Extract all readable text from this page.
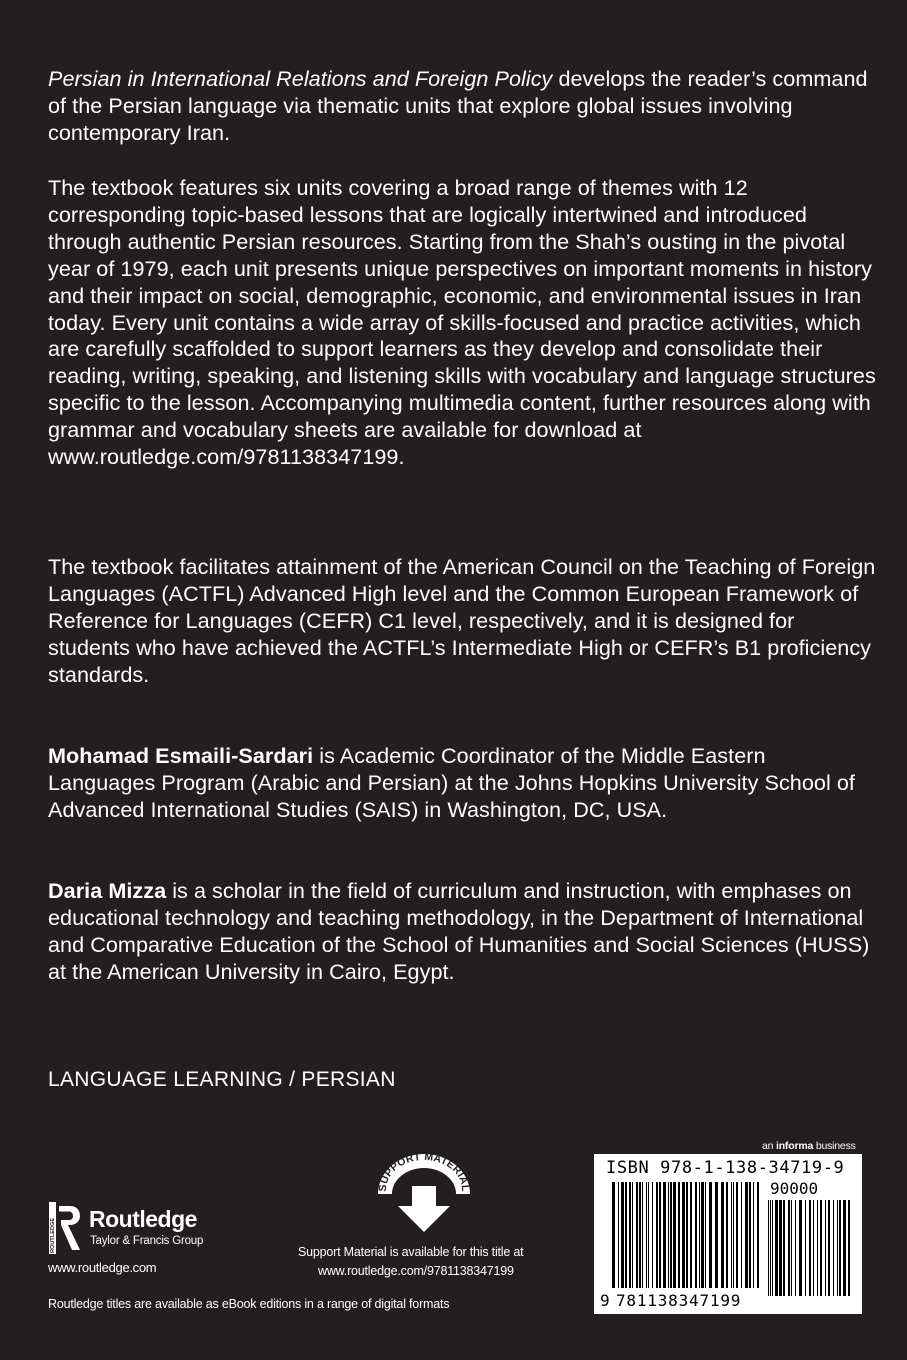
Persian in International Relations and Foreign Policy develops the reader’s command of the Persian language via thematic units that explore global issues involving contemporary Iran.

The textbook features six units covering a broad range of themes with 12 corresponding topic-based lessons that are logically intertwined and introduced through authentic Persian resources. Starting from the Shah’s ousting in the pivotal year of 1979, each unit presents unique perspectives on important moments in history and their impact on social, demographic, economic, and environmental issues in Iran today. Every unit contains a wide array of skills-focused and practice activities, which are carefully scaffolded to support learners as they develop and consolidate their reading, writing, speaking, and listening skills with vocabulary and language structures specific to the lesson. Accompanying multimedia content, further resources along with grammar and vocabulary sheets are available for download at www.routledge.com/9781138347199.

The textbook facilitates attainment of the American Council on the Teaching of Foreign Languages (ACTFL) Advanced High level and the Common European Framework of Reference for Languages (CEFR) C1 level, respectively, and it is designed for students who have achieved the ACTFL’s Intermediate High or CEFR’s B1 proficiency standards.

Mohamad Esmaili-Sardari is Academic Coordinator of the Middle Eastern Languages Program (Arabic and Persian) at the Johns Hopkins University School of Advanced International Studies (SAIS) in Washington, DC, USA.

Daria Mizza is a scholar in the field of curriculum and instruction, with emphases on educational technology and teaching methodology, in the Department of International and Comparative Education of the School of Humanities and Social Sciences (HUSS) at the American University in Cairo, Egypt.

LANGUAGE LEARNING / PERSIAN
ROUTLEDGE Routledge
Taylor & Francis Group
www.routledge.com
Routledge titles are available as eBook editions in a range of digital formats
SUPPORT MATERIAL
Support Material is available for this title at
www.routledge.com/9781138347199
an informa business
ISBN 978-1-138-34719-9
90000
9 781138347199
